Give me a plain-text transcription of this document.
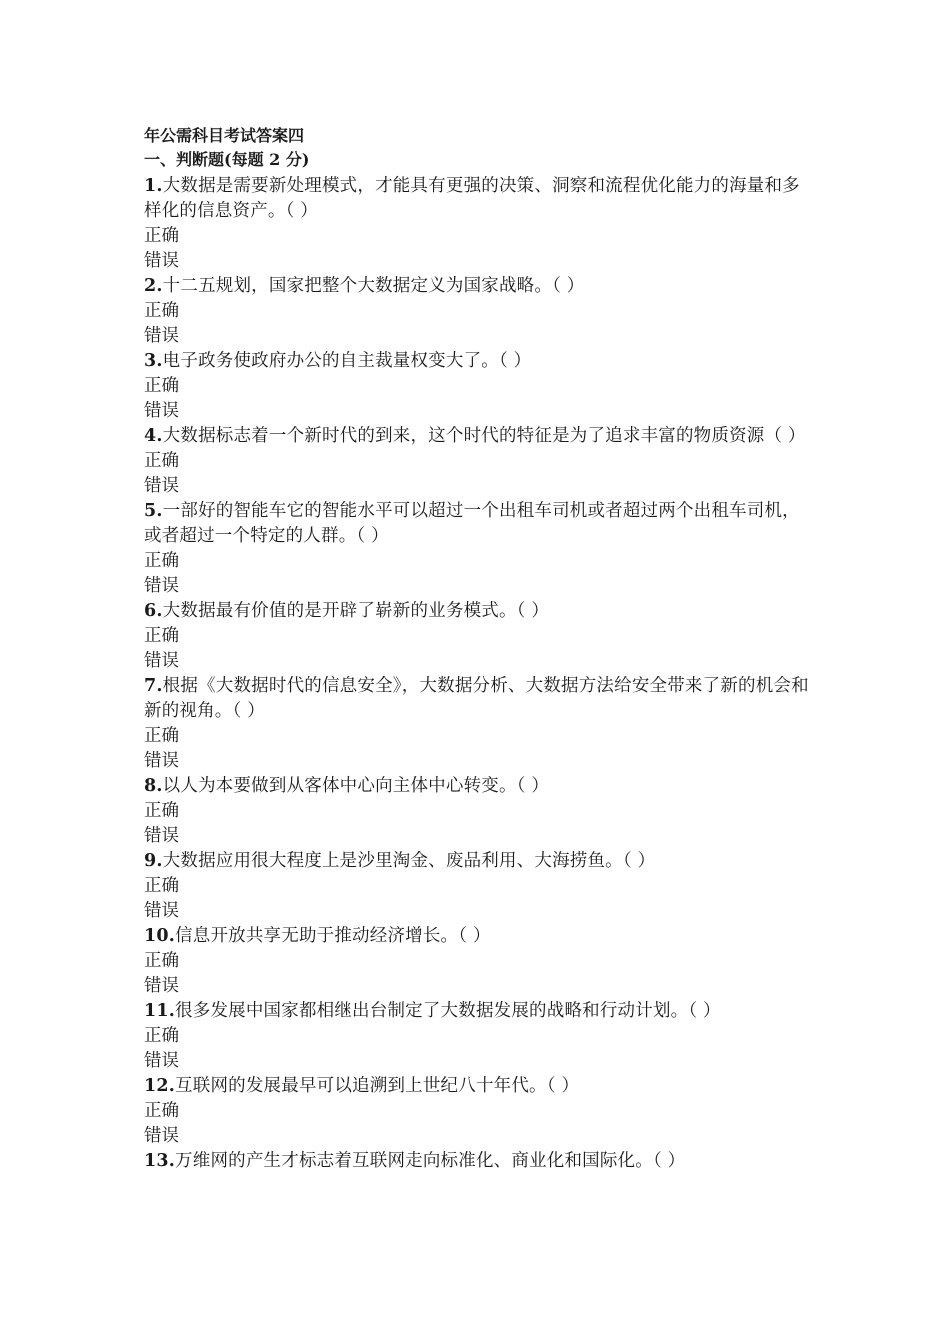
年公需科目考试答案四
一、判断题(每题 2 分)
1.大数据是需要新处理模式，才能具有更强的决策、洞察和流程优化能力的海量和多样化的信息资产。（ ）
正确
错误
2.十二五规划，国家把整个大数据定义为国家战略。（ ）
正确
错误
3.电子政务使政府办公的自主裁量权变大了。（ ）
正确
错误
4.大数据标志着一个新时代的到来，这个时代的特征是为了追求丰富的物质资源（ ）
正确
错误
5.一部好的智能车它的智能水平可以超过一个出租车司机或者超过两个出租车司机，或者超过一个特定的人群。（ ）
正确
错误
6.大数据最有价值的是开辟了崭新的业务模式。（ ）
正确
错误
7.根据《大数据时代的信息安全》，大数据分析、大数据方法给安全带来了新的机会和新的视角。（ ）
正确
错误
8.以人为本要做到从客体中心向主体中心转变。（ ）
正确
错误
9.大数据应用很大程度上是沙里淘金、废品利用、大海捞鱼。（ ）
正确
错误
10.信息开放共享无助于推动经济增长。（ ）
正确
错误
11.很多发展中国家都相继出台制定了大数据发展的战略和行动计划。（ ）
正确
错误
12.互联网的发展最早可以追溯到上世纪八十年代。（ ）
正确
错误
13.万维网的产生才标志着互联网走向标准化、商业化和国际化。（ ）
